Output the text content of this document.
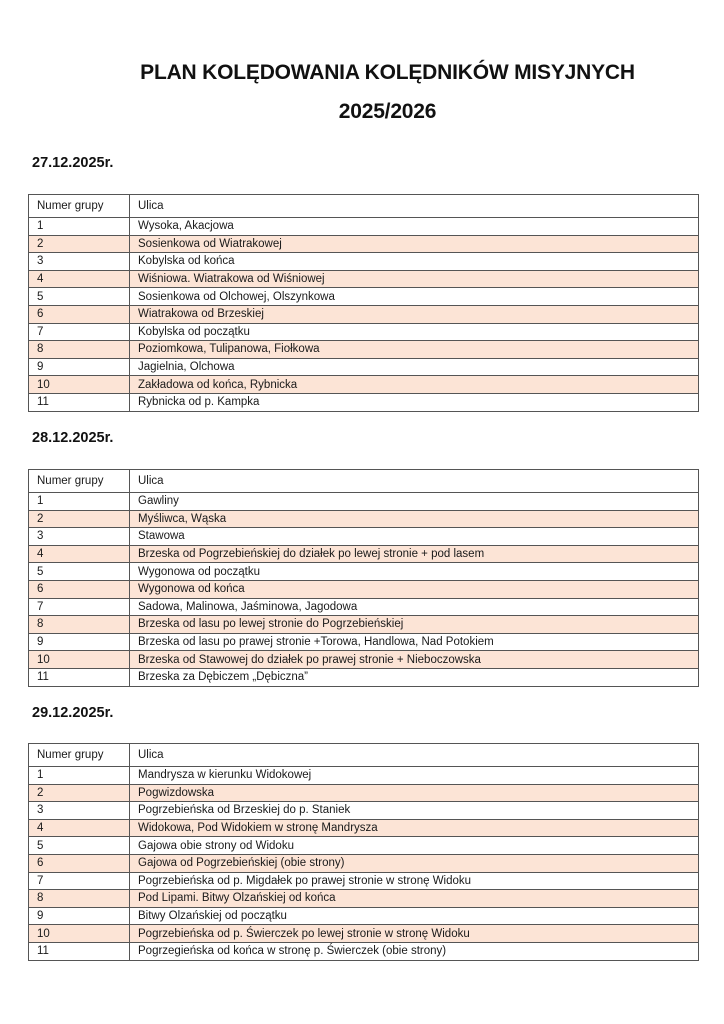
PLAN KOLĘDOWANIA KOLĘDNIKÓW MISYJNYCH
2025/2026
27.12.2025r.
Numer grupy	Ulica
1	Wysoka, Akacjowa
2	Sosienkowa od Wiatrakowej
3	Kobylska od końca
4	Wiśniowa. Wiatrakowa od Wiśniowej
5	Sosienkowa od Olchowej, Olszynkowa
6	Wiatrakowa od Brzeskiej
7	Kobylska od początku
8	Poziomkowa, Tulipanowa, Fiołkowa
9	Jagielnia, Olchowa
10	Zakładowa od końca, Rybnicka
11	Rybnicka od p. Kampka
28.12.2025r.
Numer grupy	Ulica
1	Gawliny
2	Myśliwca, Wąska
3	Stawowa
4	Brzeska od Pogrzebieńskiej do działek po lewej stronie + pod lasem
5	Wygonowa od początku
6	Wygonowa od końca
7	Sadowa, Malinowa, Jaśminowa, Jagodowa
8	Brzeska od lasu po lewej stronie do Pogrzebieńskiej
9	Brzeska od lasu po prawej stronie +Torowa, Handlowa, Nad Potokiem
10	Brzeska od Stawowej do działek po prawej stronie + Nieboczowska
11	Brzeska za Dębiczem „Dębiczna”
29.12.2025r.
Numer grupy	Ulica
1	Mandrysza w kierunku Widokowej
2	Pogwizdowska
3	Pogrzebieńska od Brzeskiej do p. Staniek
4	Widokowa, Pod Widokiem w stronę Mandrysza
5	Gajowa obie strony od Widoku
6	Gajowa od Pogrzebieńskiej (obie strony)
7	Pogrzebieńska od p. Migdałek po prawej stronie w stronę Widoku
8	Pod Lipami. Bitwy Olzańskiej od końca
9	Bitwy Olzańskiej od początku
10	Pogrzebieńska od p. Świerczek po lewej stronie w stronę Widoku
11	Pogrzegieńska od końca w stronę p. Świerczek (obie strony)
